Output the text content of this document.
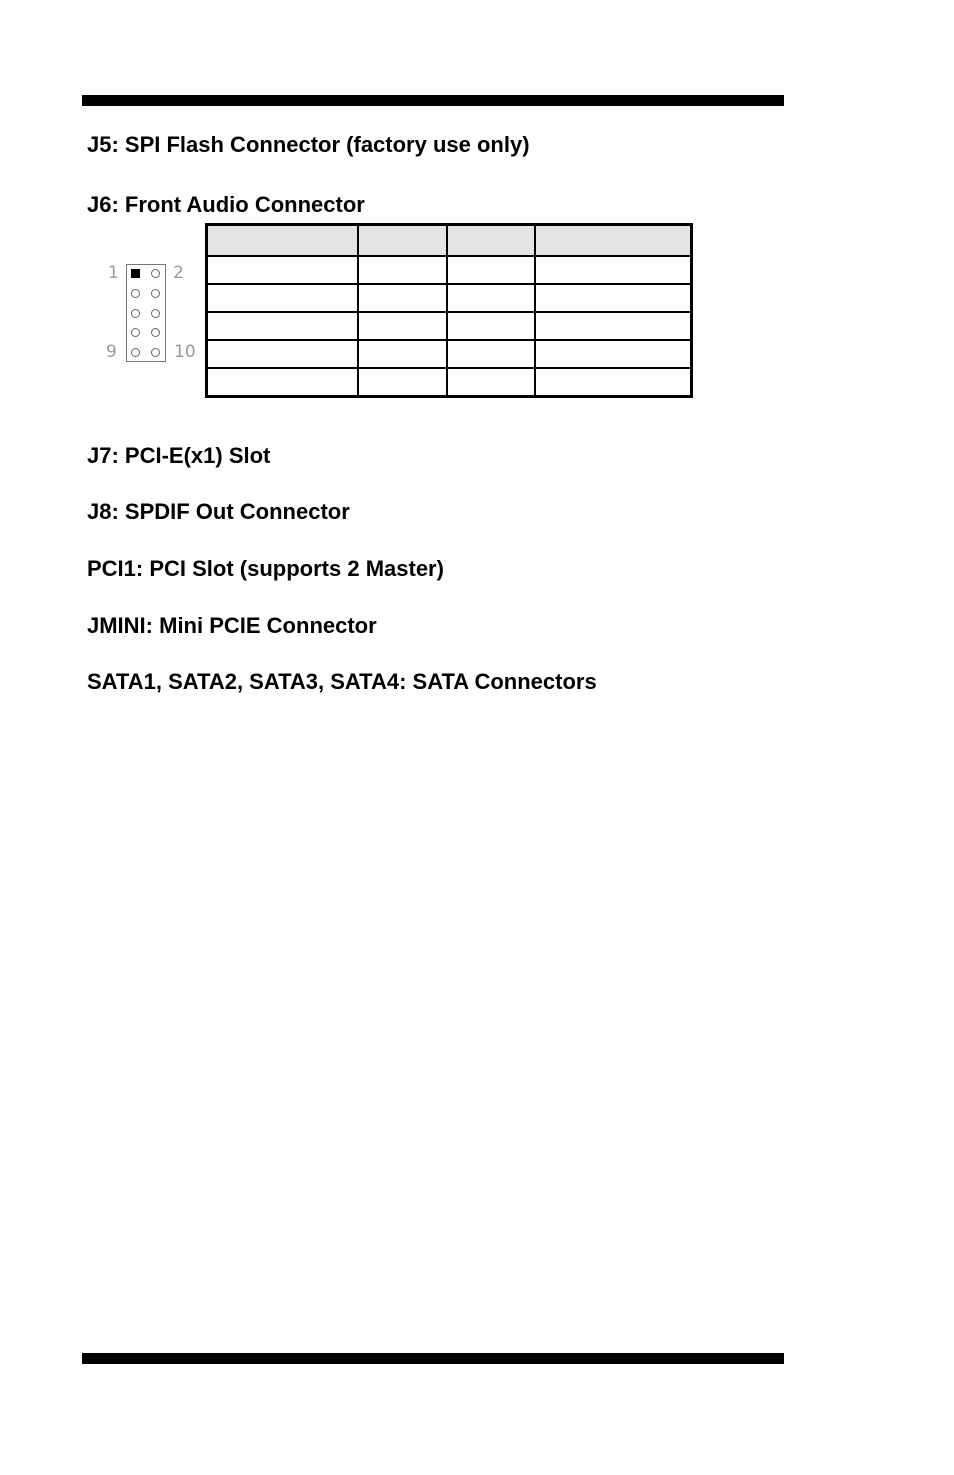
J5: SPI Flash Connector (factory use only)
J6: Front Audio Connector
1	2
9	10

J7: PCI-E(x1) Slot
J8: SPDIF Out Connector
PCI1: PCI Slot (supports 2 Master)
JMINI: Mini PCIE Connector
SATA1, SATA2, SATA3, SATA4: SATA Connectors
